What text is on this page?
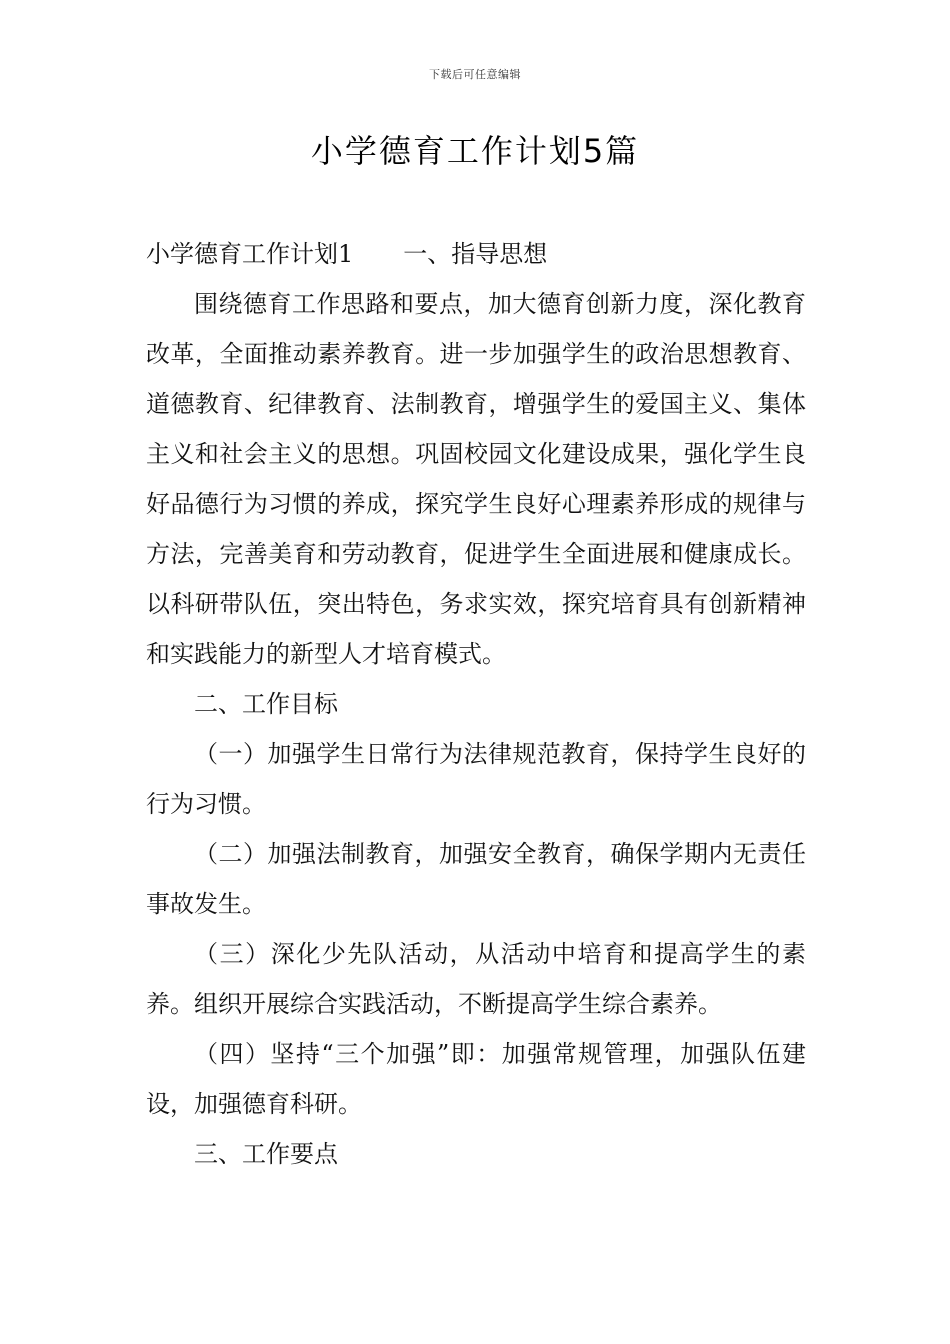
下载后可任意编辑
小学德育工作计划5篇

小学德育工作计划1 一、指导思想

围绕德育工作思路和要点，加大德育创新力度，深化教育改革，全面推动素养教育。进一步加强学生的政治思想教育、道德教育、纪律教育、法制教育，增强学生的爱国主义、集体主义和社会主义的思想。巩固校园文化建设成果，强化学生良好品德行为习惯的养成，探究学生良好心理素养形成的规律与方法，完善美育和劳动教育，促进学生全面进展和健康成长。以科研带队伍，突出特色，务求实效，探究培育具有创新精神和实践能力的新型人才培育模式。

二、工作目标

（一）加强学生日常行为法律规范教育，保持学生良好的行为习惯。

（二）加强法制教育，加强安全教育，确保学期内无责任事故发生。

（三）深化少先队活动，从活动中培育和提高学生的素养。组织开展综合实践活动，不断提高学生综合素养。

（四）坚持“三个加强”即：加强常规管理，加强队伍建设，加强德育科研。

三、工作要点
